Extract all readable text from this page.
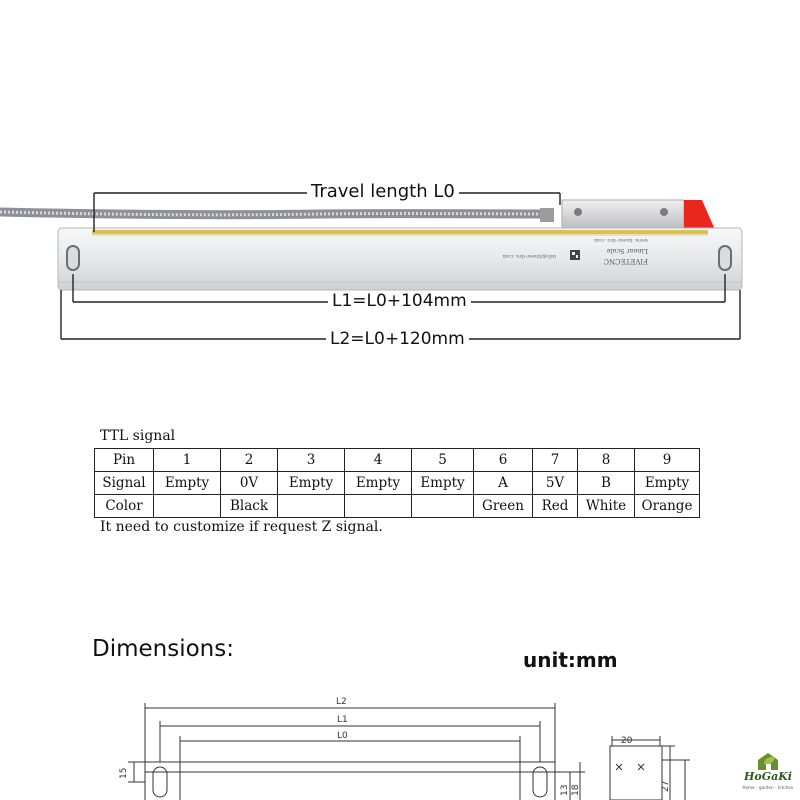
FIVETECNC
Linear Scale
www. linear-dro. com
info@linear-dro. com
Travel length L0
L1=L0+104mm
L2=L0+120mm
TTL signal
Pin	1	2	3	4	5	6	7	8	9
Signal	Empty	0V	Empty	Empty	Empty	A	5V	B	Empty
Color		Black				Green	Red	White	Orange
It need to customize if request Z signal.
Dimensions:	unit:mm
L2
L1
L0	20
15
13 18	27
HoGaKi
Home - garden - kitchen
